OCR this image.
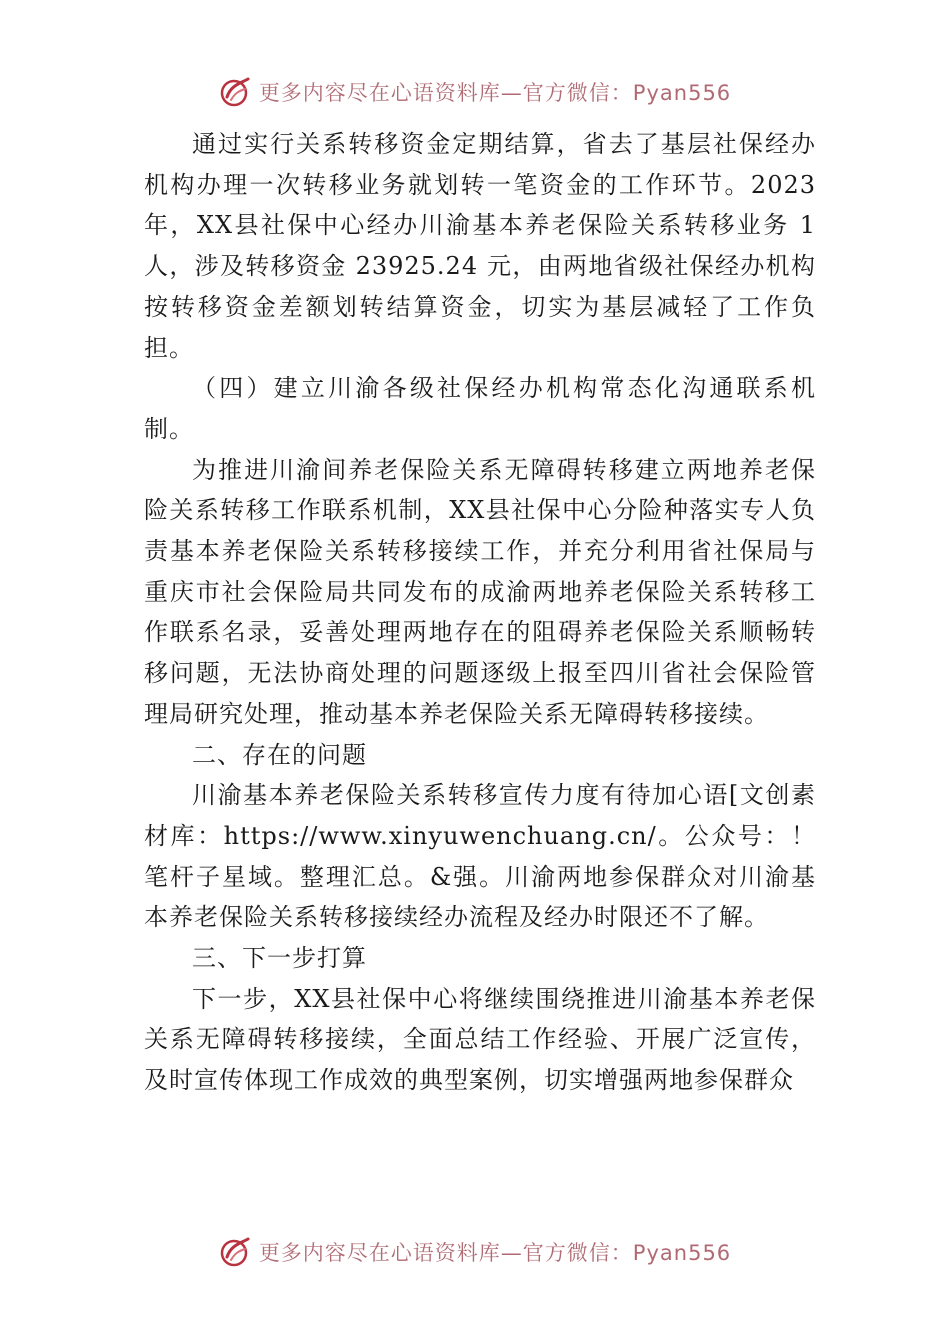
更多内容尽在心语资料库—官方微信：Pyan556

通过实行关系转移资金定期结算，省去了基层社保经办机构办理一次转移业务就划转一笔资金的工作环节。2023年，XX县社保中心经办川渝基本养老保险关系转移业务 1人，涉及转移资金 23925.24 元，由两地省级社保经办机构按转移资金差额划转结算资金，切实为基层减轻了工作负担。

（四）建立川渝各级社保经办机构常态化沟通联系机制。

为推进川渝间养老保险关系无障碍转移建立两地养老保险关系转移工作联系机制，XX县社保中心分险种落实专人负责基本养老保险关系转移接续工作，并充分利用省社保局与重庆市社会保险局共同发布的成渝两地养老保险关系转移工作联系名录，妥善处理两地存在的阻碍养老保险关系顺畅转移问题，无法协商处理的问题逐级上报至四川省社会保险管理局研究处理，推动基本养老保险关系无障碍转移接续。

二、存在的问题

川渝基本养老保险关系转移宣传力度有待加心语[文创素材库：https://www.xinyuwenchuang.cn/。公众号：！笔杆子星域。整理汇总。&强。川渝两地参保群众对川渝基本养老保险关系转移接续经办流程及经办时限还不了解。

三、下一步打算

下一步，XX县社保中心将继续围绕推进川渝基本养老保关系无障碍转移接续，全面总结工作经验、开展广泛宣传， 及时宣传体现工作成效的典型案例，切实增强两地参保群众

更多内容尽在心语资料库—官方微信：Pyan556
